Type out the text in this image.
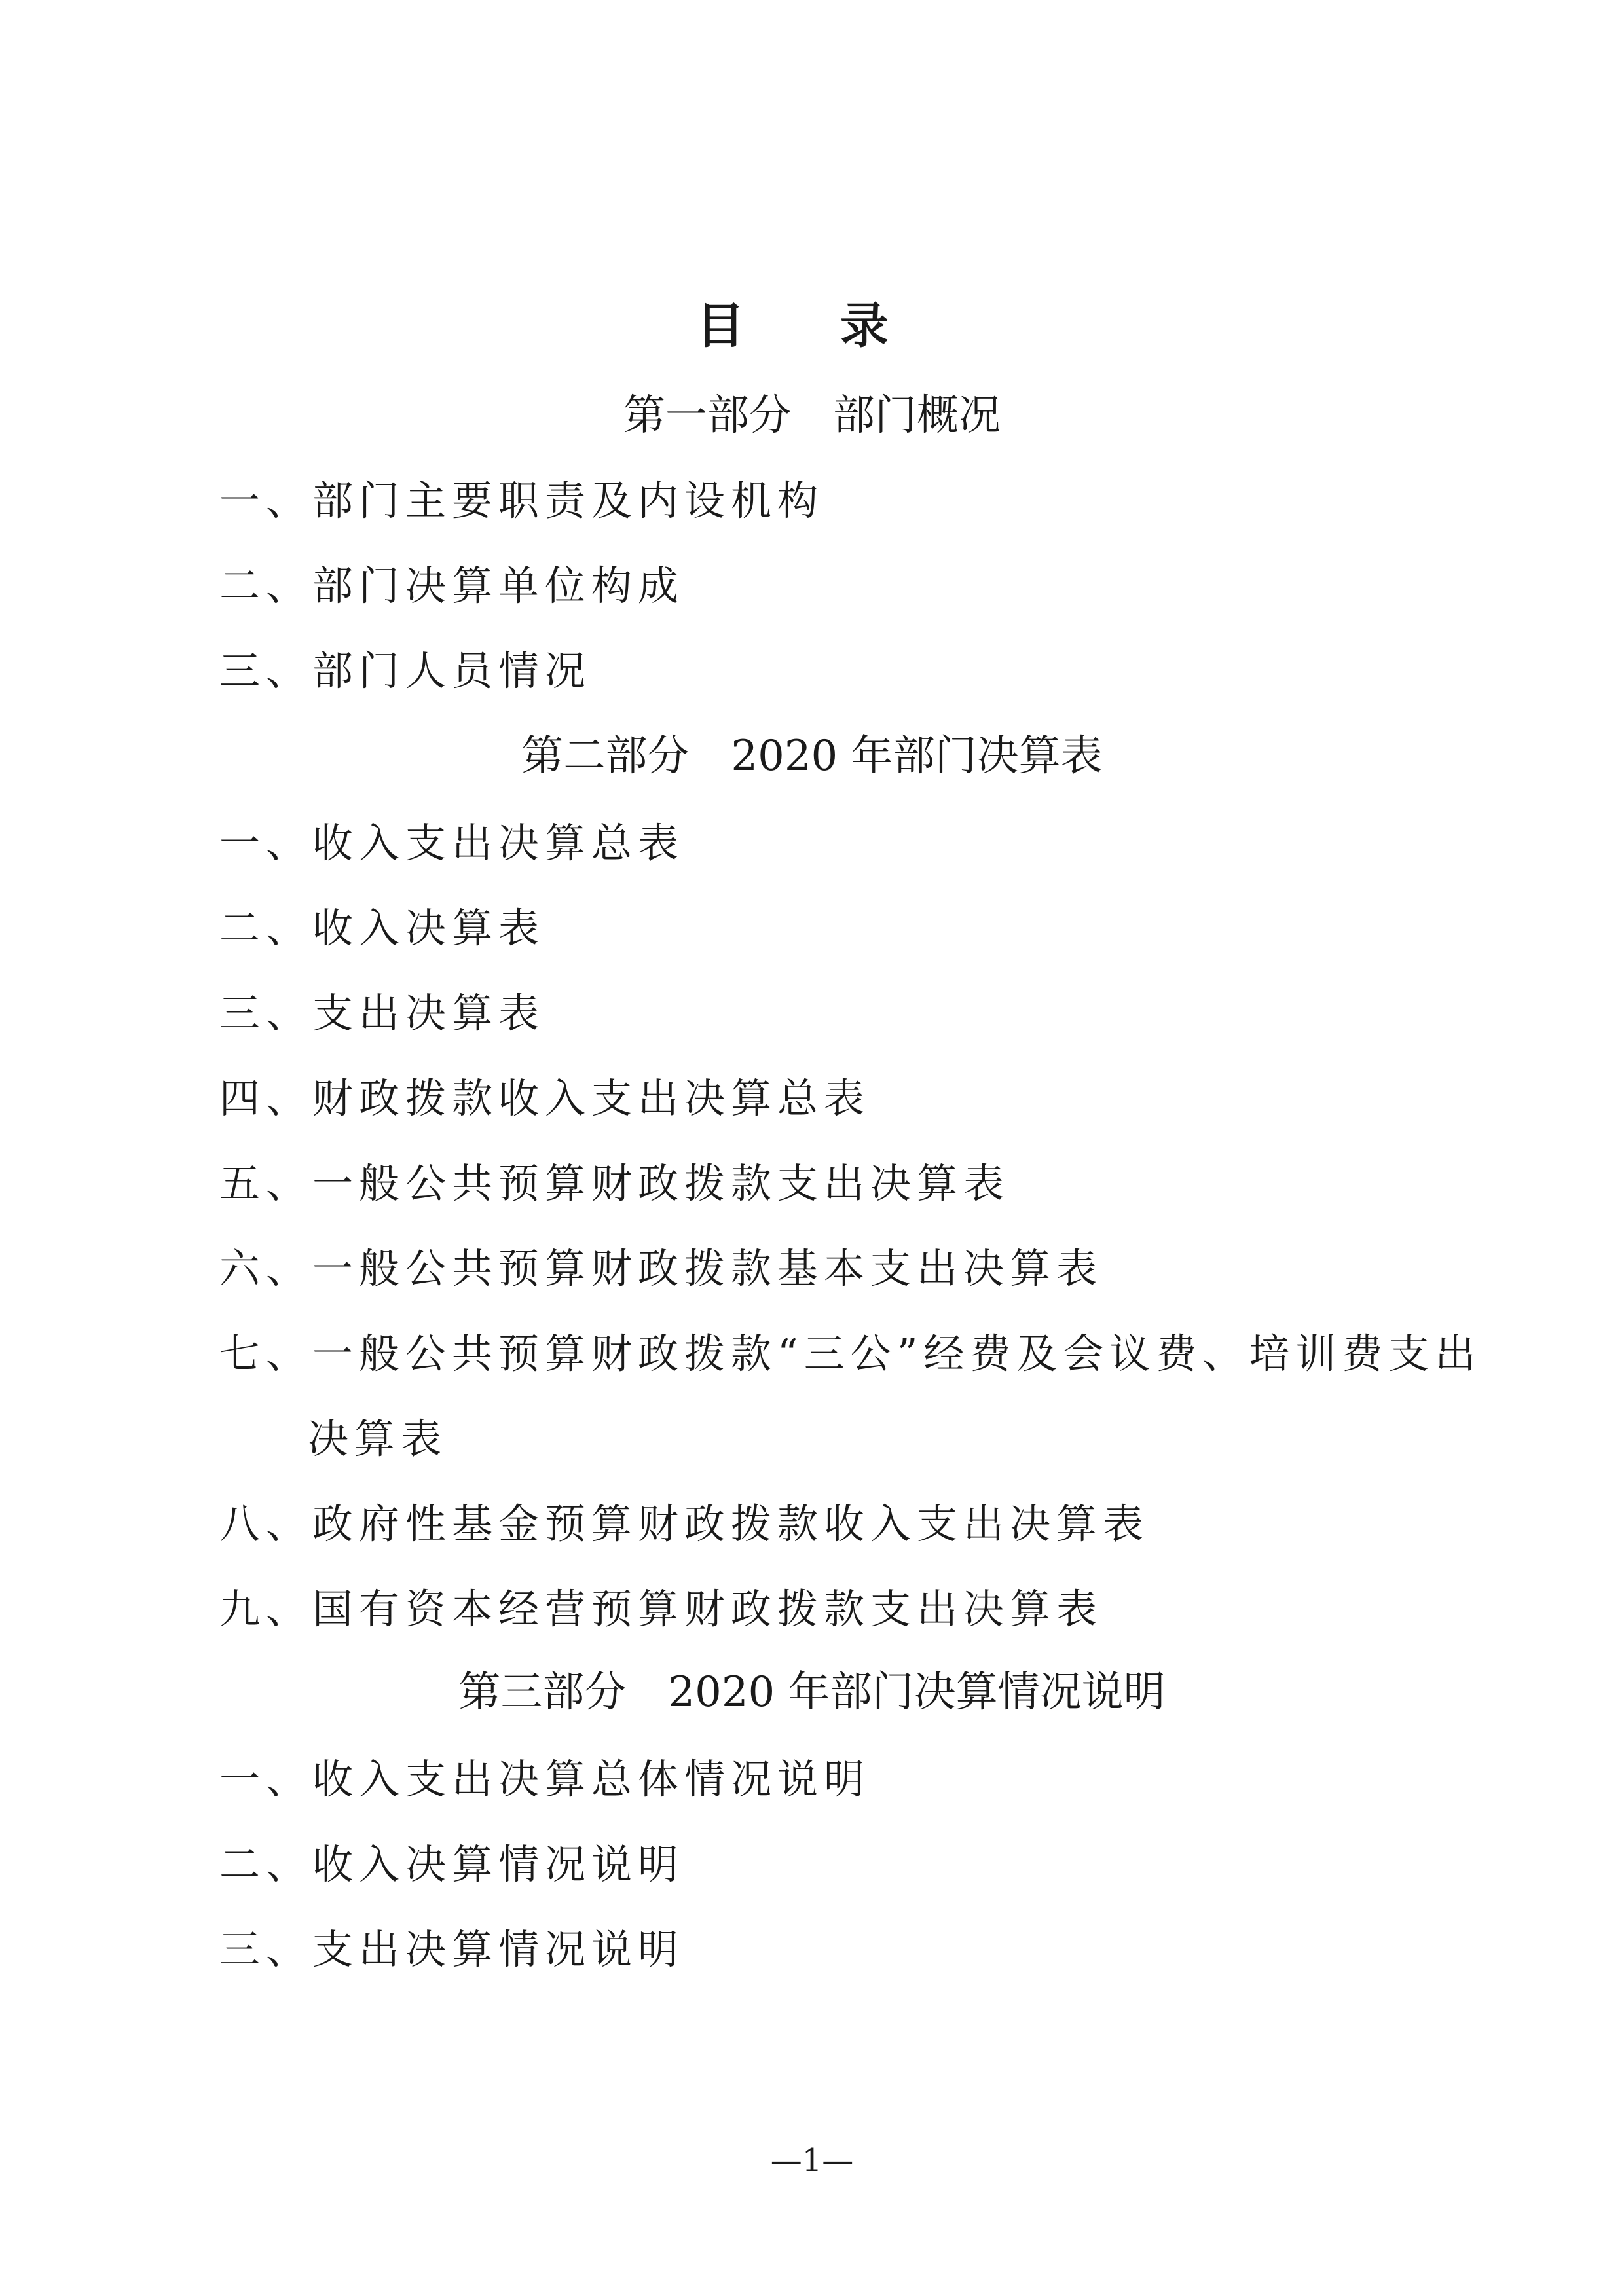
目 录
第一部分　部门概况
一、部门主要职责及内设机构
二、部门决算单位构成
三、部门人员情况
第二部分　2020 年部门决算表
一、收入支出决算总表
二、收入决算表
三、支出决算表
四、财政拨款收入支出决算总表
五、一般公共预算财政拨款支出决算表
六、一般公共预算财政拨款基本支出决算表
七、一般公共预算财政拨款“三公”经费及会议费、培训费支出
决算表
八、政府性基金预算财政拨款收入支出决算表
九、国有资本经营预算财政拨款支出决算表
第三部分　2020 年部门决算情况说明
一、收入支出决算总体情况说明
二、收入决算情况说明
三、支出决算情况说明
—1—
